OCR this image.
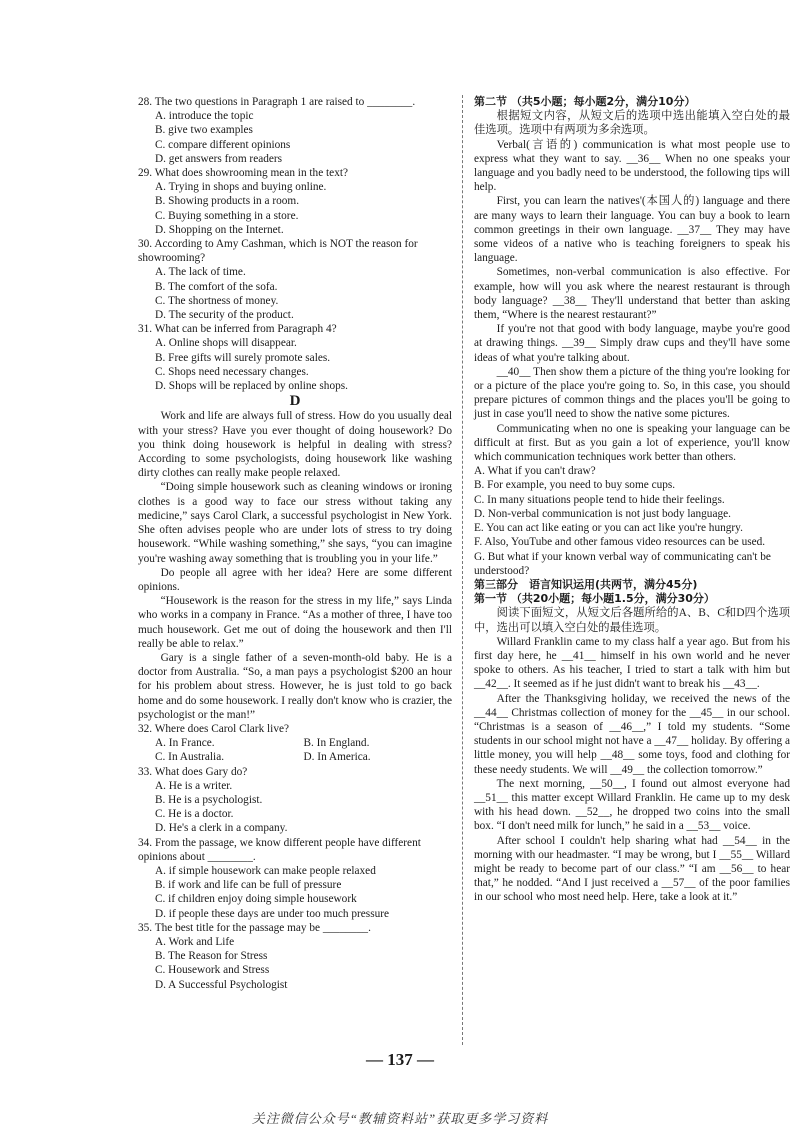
28. The two questions in Paragraph 1 are raised to ________.

A. introduce the topic

B. give two examples

C. compare different opinions

D. get answers from readers

29. What does showrooming mean in the text?

A. Trying in shops and buying online.

B. Showing products in a room.

C. Buying something in a store.

D. Shopping on the Internet.

30. According to Amy Cashman, which is NOT the reason for showrooming?

A. The lack of time.

B. The comfort of the sofa.

C. The shortness of money.

D. The security of the product.

31. What can be inferred from Paragraph 4?

A. Online shops will disappear.

B. Free gifts will surely promote sales.

C. Shops need necessary changes.

D. Shops will be replaced by online shops.

D

Work and life are always full of stress. How do you usually deal with your stress? Have you ever thought of doing housework? Do you think doing housework is helpful in dealing with stress? According to some psychologists, doing housework like washing dirty clothes can really make people relaxed.

“Doing simple housework such as cleaning windows or ironing clothes is a good way to face our stress without taking any medicine,” says Carol Clark, a successful psychologist in New York. She often advises people who are under lots of stress to try doing housework. “While washing something,” she says, “you can imagine you're washing away something that is troubling you in your life.”

Do people all agree with her idea? Here are some different opinions.

“Housework is the reason for the stress in my life,” says Linda who works in a company in France. “As a mother of three, I have too much housework. Get me out of doing the housework and then I'll really be able to relax.”

Gary is a single father of a seven-month-old baby. He is a doctor from Australia. “So, a man pays a psychologist $200 an hour for his problem about stress. However, he is just told to go back home and do some housework. I really don't know who is crazier, the psychologist or the man!”

32. Where does Carol Clark live?

A. In France.	B. In England.
C. In Australia.	D. In America.

33. What does Gary do?

A. He is a writer.

B. He is a psychologist.

C. He is a doctor.

D. He's a clerk in a company.

34. From the passage, we know different people have different opinions about ________.

A. if simple housework can make people relaxed

B. if work and life can be full of pressure

C. if children enjoy doing simple housework

D. if people these days are under too much pressure

35. The best title for the passage may be ________.

A. Work and Life

B. The Reason for Stress

C. Housework and Stress

D. A Successful Psychologist

第二节 （共5小题；每小题2分，满分10分）

根据短文内容，从短文后的选项中选出能填入空白处的最佳选项。选项中有两项为多余选项。

Verbal(言语的) communication is what most people use to express what they want to say. __36__ When no one speaks your language and you badly need to be understood, the following tips will help.

First, you can learn the natives'(本国人的) language and there are many ways to learn their language. You can buy a book to learn common greetings in their own language. __37__ They may have some videos of a native who is teaching foreigners to speak his language.

Sometimes, non-verbal communication is also effective. For example, how will you ask where the nearest restaurant is through body language? __38__ They'll understand that better than asking them, “Where is the nearest restaurant?”

If you're not that good with body language, maybe you're good at drawing things. __39__ Simply draw cups and they'll have some ideas of what you're talking about.

__40__ Then show them a picture of the thing you're looking for or a picture of the place you're going to. So, in this case, you should prepare pictures of common things and the places you'll be going to just in case you'll need to show the native some pictures.

Communicating when no one is speaking your language can be difficult at first. But as you gain a lot of experience, you'll know which communication techniques work better than others.

A. What if you can't draw?

B. For example, you need to buy some cups.

C. In many situations people tend to hide their feelings.

D. Non-verbal communication is not just body language.

E. You can act like eating or you can act like you're hungry.

F. Also, YouTube and other famous video resources can be used.

G. But what if your known verbal way of communicating can't be understood?

第三部分　语言知识运用(共两节，满分45分)

第一节 （共20小题；每小题1.5分，满分30分）

阅读下面短文，从短文后各题所给的A、B、C和D四个选项中，选出可以填入空白处的最佳选项。

Willard Franklin came to my class half a year ago. But from his first day here, he __41__ himself in his own world and he never spoke to others. As his teacher, I tried to start a talk with him but __42__. It seemed as if he just didn't want to break his __43__.

After the Thanksgiving holiday, we received the news of the __44__ Christmas collection of money for the __45__ in our school. “Christmas is a season of __46__,” I told my students. “Some students in our school might not have a __47__ holiday. By offering a little money, you will help __48__ some toys, food and clothing for these needy students. We will __49__ the collection tomorrow.”

The next morning, __50__, I found out almost everyone had __51__ this matter except Willard Franklin. He came up to my desk with his head down. __52__, he dropped two coins into the small box. “I don't need milk for lunch,” he said in a __53__ voice.

After school I couldn't help sharing what had __54__ in the morning with our headmaster. “I may be wrong, but I __55__ Willard might be ready to become part of our class.” “I am __56__ to hear that,” he nodded. “And I just received a __57__ of the poor families in our school who most need help. Here, take a look at it.”

— 137 —
关注微信公众号“教辅资料站”获取更多学习资料
